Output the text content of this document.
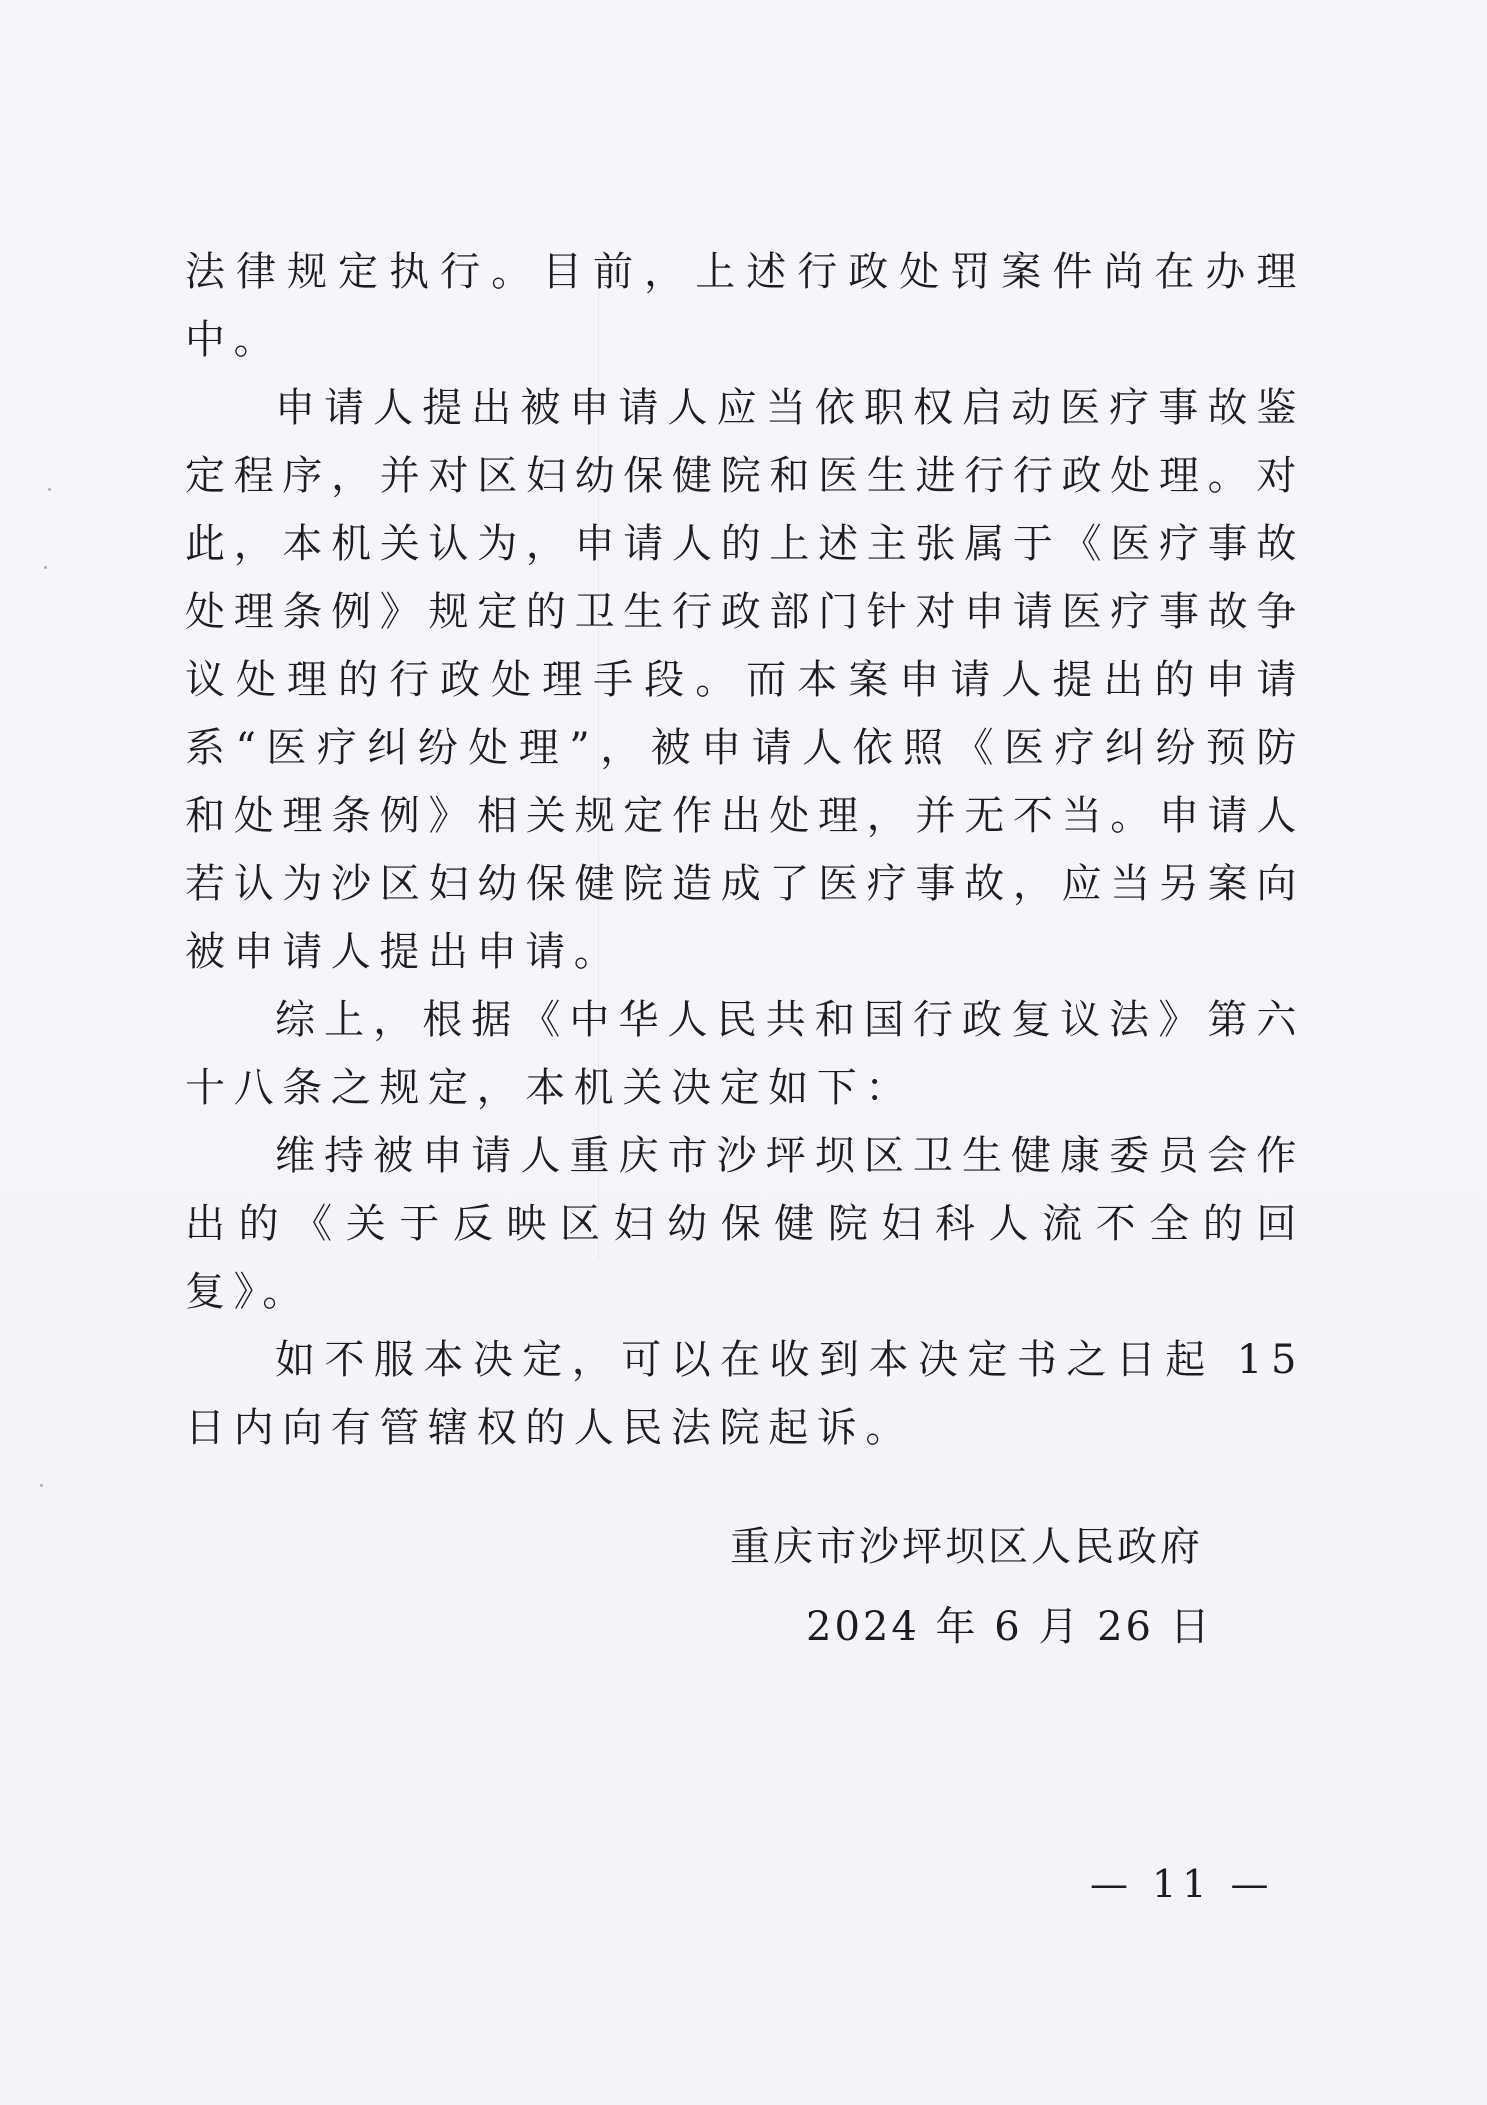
法律规定执行。目前，上述行政处罚案件尚在办理中。

申请人提出被申请人应当依职权启动医疗事故鉴定程序，并对区妇幼保健院和医生进行行政处理。对此，本机关认为，申请人的上述主张属于《医疗事故处理条例》规定的卫生行政部门针对申请医疗事故争议处理的行政处理手段。而本案申请人提出的申请系“医疗纠纷处理”，被申请人依照《医疗纠纷预防和处理条例》相关规定作出处理，并无不当。申请人若认为沙区妇幼保健院造成了医疗事故，应当另案向被申请人提出申请。

综上，根据《中华人民共和国行政复议法》第六十八条之规定，本机关决定如下：

维持被申请人重庆市沙坪坝区卫生健康委员会作出的《关于反映区妇幼保健院妇科人流不全的回复》。

如不服本决定，可以在收到本决定书之日起 15 日内向有管辖权的人民法院起诉。

重庆市沙坪坝区人民政府
2024 年 6 月 26 日
— 11 —
